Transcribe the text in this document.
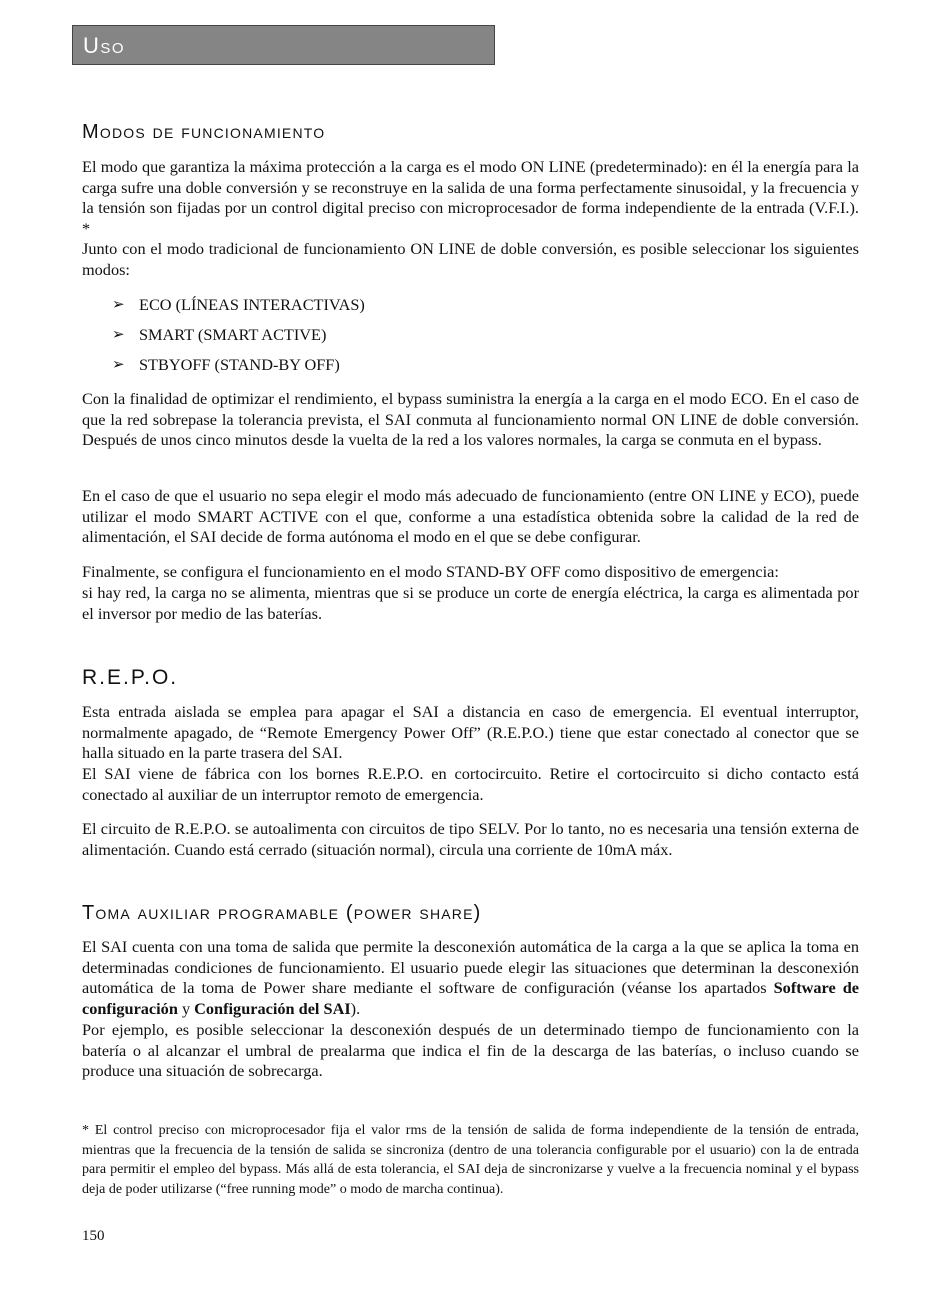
Uso
Modos de funcionamiento

El modo que garantiza la máxima protección a la carga es el modo ON LINE (predeterminado): en él la energía para la carga sufre una doble conversión y se reconstruye en la salida de una forma perfectamente sinusoidal, y la frecuencia y la tensión son fijadas por un control digital preciso con microprocesador de forma independiente de la entrada (V.F.I.). *

Junto con el modo tradicional de funcionamiento ON LINE de doble conversión, es posible seleccionar los siguientes modos:

➢ ECO (LÍNEAS INTERACTIVAS)
➢ SMART (SMART ACTIVE)
➢ STBYOFF (STAND-BY OFF)

Con la finalidad de optimizar el rendimiento, el bypass suministra la energía a la carga en el modo ECO. En el caso de que la red sobrepase la tolerancia prevista, el SAI conmuta al funcionamiento normal ON LINE de doble conversión. Después de unos cinco minutos desde la vuelta de la red a los valores normales, la carga se conmuta en el bypass.

En el caso de que el usuario no sepa elegir el modo más adecuado de funcionamiento (entre ON LINE y ECO), puede utilizar el modo SMART ACTIVE con el que, conforme a una estadística obtenida sobre la calidad de la red de alimentación, el SAI decide de forma autónoma el modo en el que se debe configurar.

Finalmente, se configura el funcionamiento en el modo STAND-BY OFF como dispositivo de emergencia:

si hay red, la carga no se alimenta, mientras que si se produce un corte de energía eléctrica, la carga es alimentada por el inversor por medio de las baterías.

R.E.P.O.

Esta entrada aislada se emplea para apagar el SAI a distancia en caso de emergencia. El eventual interruptor, normalmente apagado, de “Remote Emergency Power Off” (R.E.P.O.) tiene que estar conectado al conector que se halla situado en la parte trasera del SAI.

El SAI viene de fábrica con los bornes R.E.P.O. en cortocircuito. Retire el cortocircuito si dicho contacto está conectado al auxiliar de un interruptor remoto de emergencia.

El circuito de R.E.P.O. se autoalimenta con circuitos de tipo SELV. Por lo tanto, no es necesaria una tensión externa de alimentación. Cuando está cerrado (situación normal), circula una corriente de 10mA máx.

Toma auxiliar programable (power share)

El SAI cuenta con una toma de salida que permite la desconexión automática de la carga a la que se aplica la toma en determinadas condiciones de funcionamiento. El usuario puede elegir las situaciones que determinan la desconexión automática de la toma de Power share mediante el software de configuración (véanse los apartados Software de configuración y Configuración del SAI).

Por ejemplo, es posible seleccionar la desconexión después de un determinado tiempo de funcionamiento con la batería o al alcanzar el umbral de prealarma que indica el fin de la descarga de las baterías, o incluso cuando se produce una situación de sobrecarga.

* El control preciso con microprocesador fija el valor rms de la tensión de salida de forma independiente de la tensión de entrada, mientras que la frecuencia de la tensión de salida se sincroniza (dentro de una tolerancia configurable por el usuario) con la de entrada para permitir el empleo del bypass. Más allá de esta tolerancia, el SAI deja de sincronizarse y vuelve a la frecuencia nominal y el bypass deja de poder utilizarse (“free running mode” o modo de marcha continua).
150
